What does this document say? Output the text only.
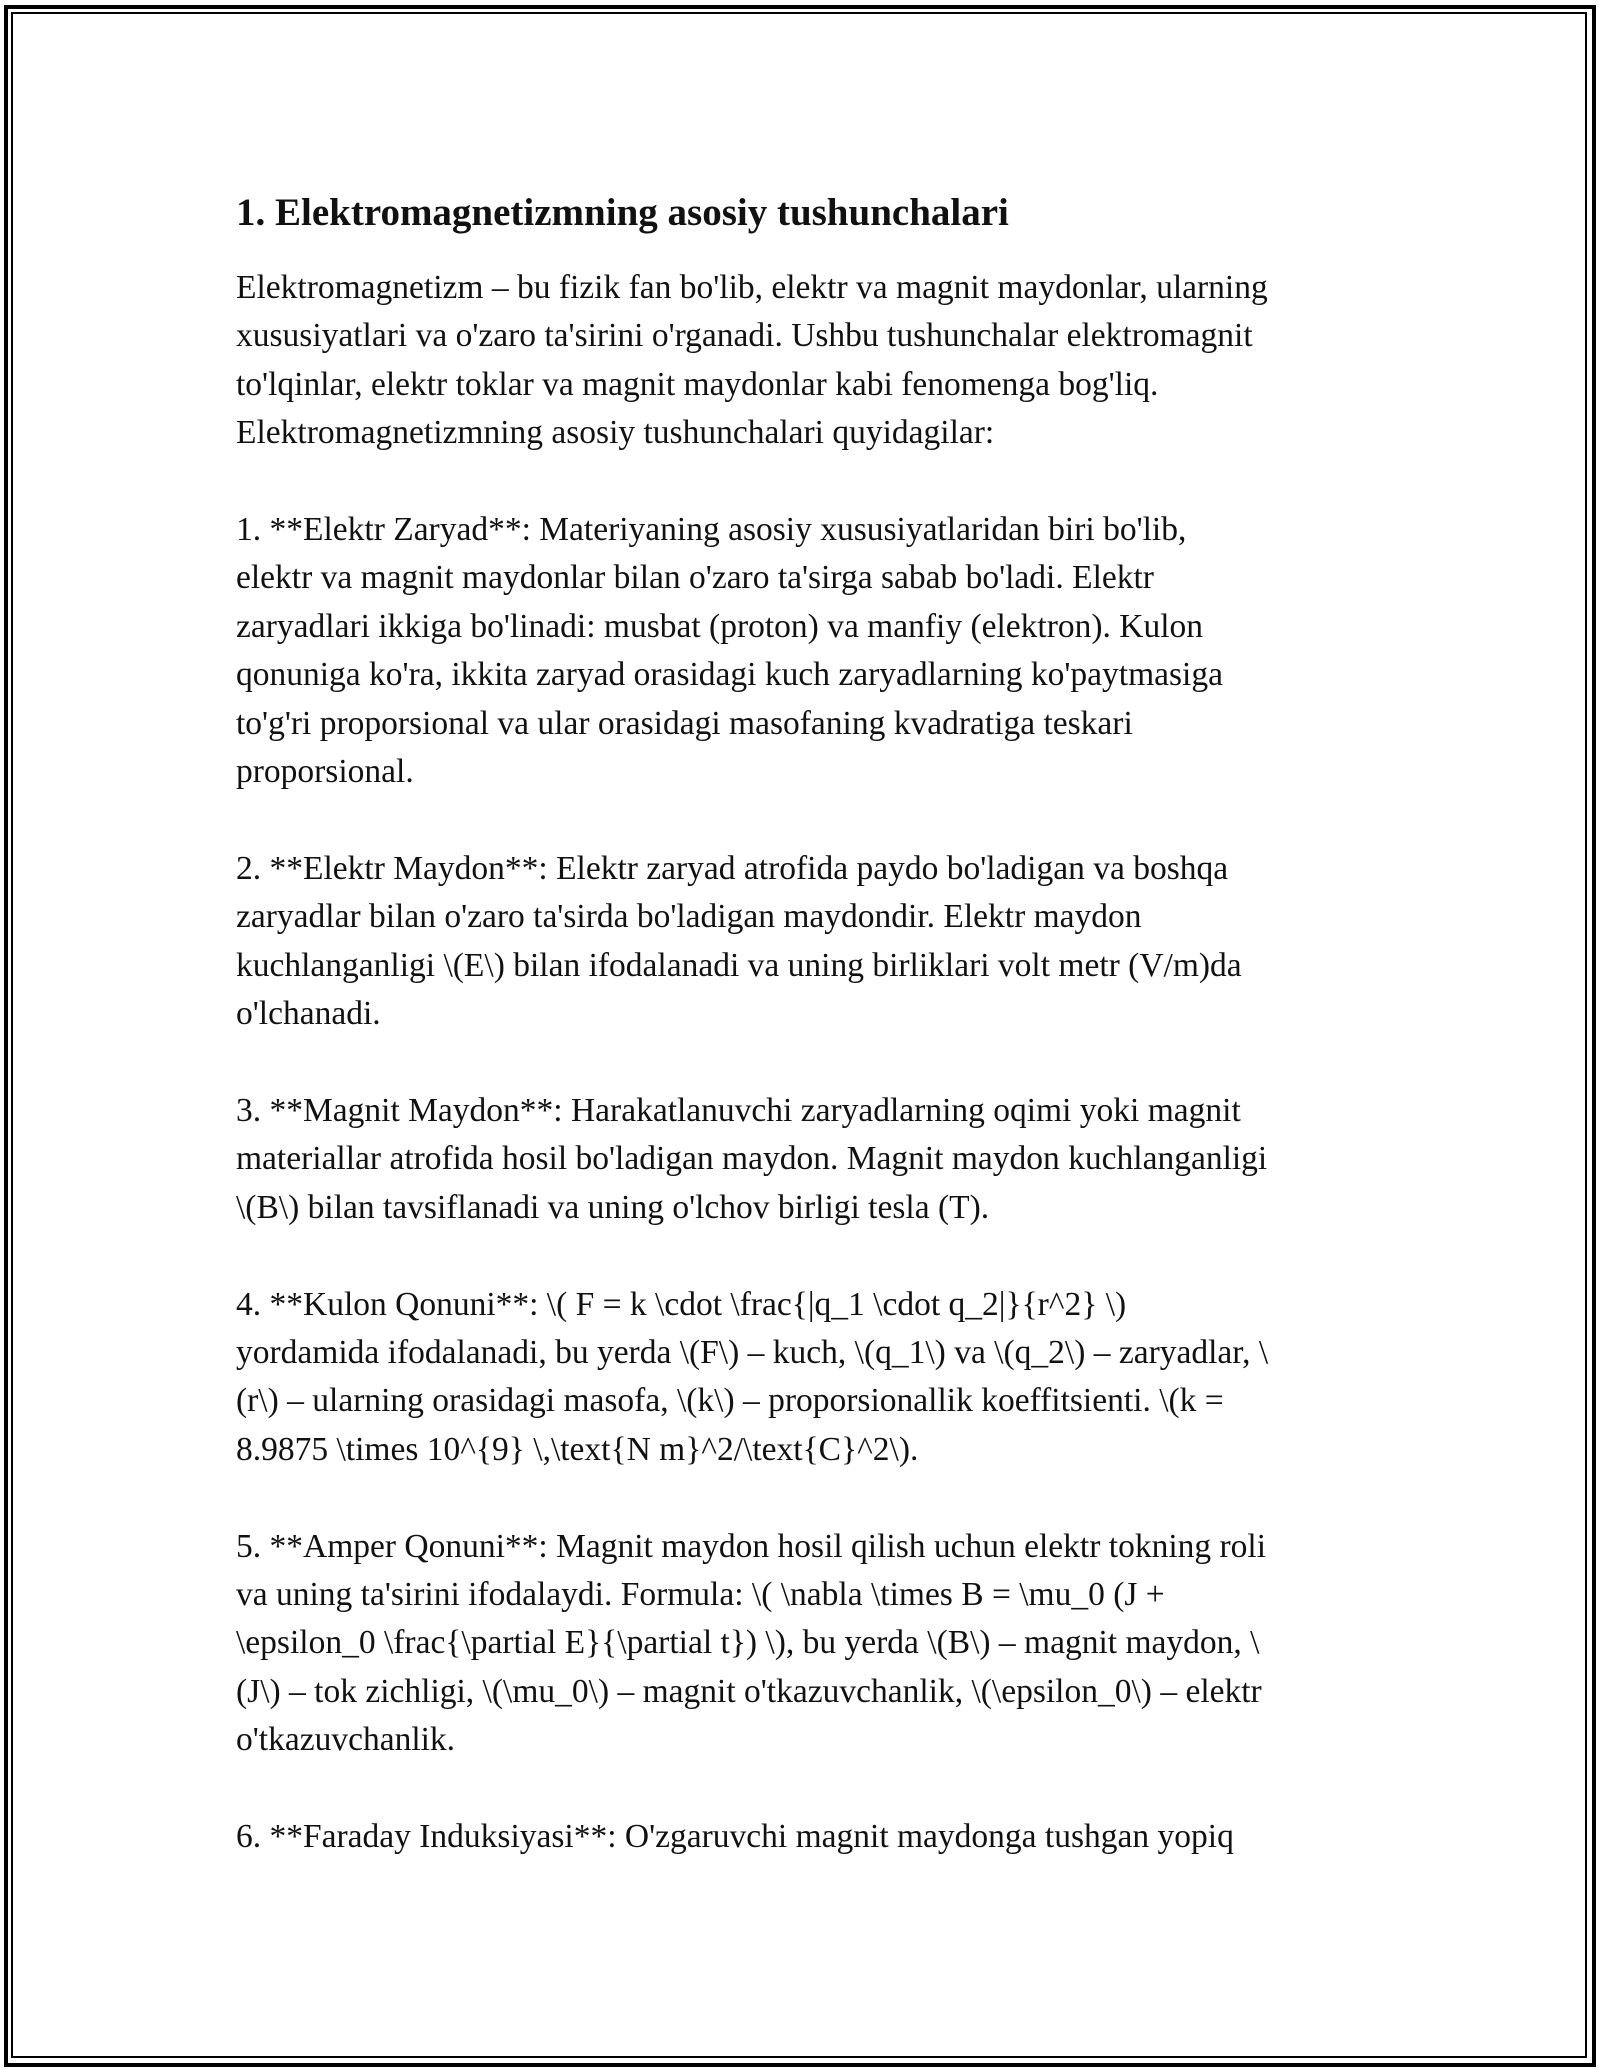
1. Elektromagnetizmning asosiy tushunchalari

Elektromagnetizm – bu fizik fan bo'lib, elektr va magnit maydonlar, ularning
xususiyatlari va o'zaro ta'sirini o'rganadi. Ushbu tushunchalar elektromagnit
to'lqinlar, elektr toklar va magnit maydonlar kabi fenomenga bog'liq.
Elektromagnetizmning asosiy tushunchalari quyidagilar:

1. **Elektr Zaryad**: Materiyaning asosiy xususiyatlaridan biri bo'lib,
elektr va magnit maydonlar bilan o'zaro ta'sirga sabab bo'ladi. Elektr
zaryadlari ikkiga bo'linadi: musbat (proton) va manfiy (elektron). Kulon
qonuniga ko'ra, ikkita zaryad orasidagi kuch zaryadlarning ko'paytmasiga
to'g'ri proporsional va ular orasidagi masofaning kvadratiga teskari
proporsional.

2. **Elektr Maydon**: Elektr zaryad atrofida paydo bo'ladigan va boshqa
zaryadlar bilan o'zaro ta'sirda bo'ladigan maydondir. Elektr maydon
kuchlanganligi \(E\) bilan ifodalanadi va uning birliklari volt metr (V/m)da
o'lchanadi.

3. **Magnit Maydon**: Harakatlanuvchi zaryadlarning oqimi yoki magnit
materiallar atrofida hosil bo'ladigan maydon. Magnit maydon kuchlanganligi
\(B\) bilan tavsiflanadi va uning o'lchov birligi tesla (T).

4. **Kulon Qonuni**: \( F = k \cdot \frac{|q_1 \cdot q_2|}{r^2} \)
yordamida ifodalanadi, bu yerda \(F\) – kuch, \(q_1\) va \(q_2\) – zaryadlar, \
(r\) – ularning orasidagi masofa, \(k\) – proporsionallik koeffitsienti. \(k =
8.9875 \times 10^{9} \,\text{N m}^2/\text{C}^2\).

5. **Amper Qonuni**: Magnit maydon hosil qilish uchun elektr tokning roli
va uning ta'sirini ifodalaydi. Formula: \( \nabla \times B = \mu_0 (J +
\epsilon_0 \frac{\partial E}{\partial t}) \), bu yerda \(B\) – magnit maydon, \
(J\) – tok zichligi, \(\mu_0\) – magnit o'tkazuvchanlik, \(\epsilon_0\) – elektr
o'tkazuvchanlik.

6. **Faraday Induksiyasi**: O'zgaruvchi magnit maydonga tushgan yopiq
